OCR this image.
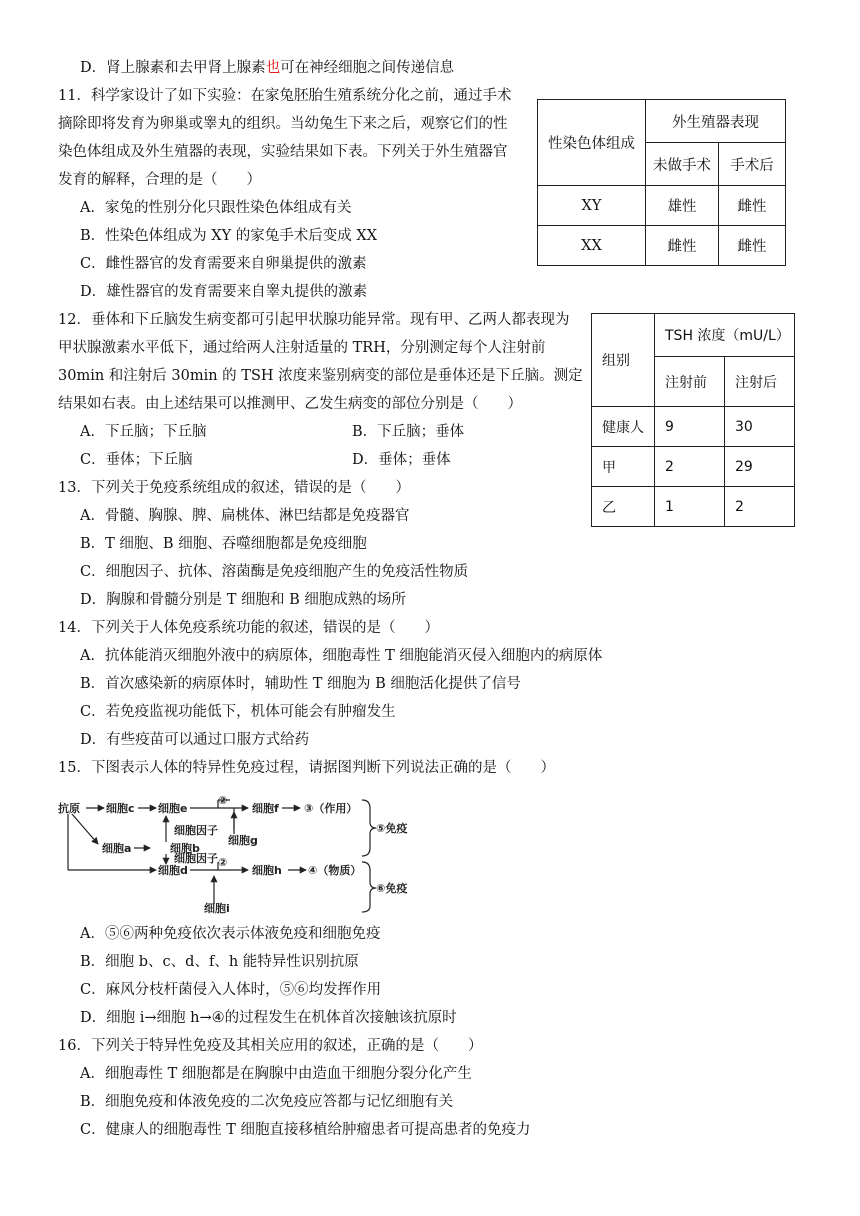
D．肾上腺素和去甲肾上腺素也可在神经细胞之间传递信息
11．科学家设计了如下实验：在家兔胚胎生殖系统分化之前，通过手术
摘除即将发育为卵巢或睾丸的组织。当幼兔生下来之后，观察它们的性
染色体组成及外生殖器的表现，实验结果如下表。下列关于外生殖器官
发育的解释，合理的是（　　）
A．家兔的性别分化只跟性染色体组成有关
B．性染色体组成为 XY 的家兔手术后变成 XX
C．雌性器官的发育需要来自卵巢提供的激素
D．雄性器官的发育需要来自睾丸提供的激素
性染色体组成	外生殖器表现	
	未做手术	手术后
XY	雄性	雌性
XX	雌性	雌性
12．垂体和下丘脑发生病变都可引起甲状腺功能异常。现有甲、乙两人都表现为
甲状腺激素水平低下，通过给两人注射适量的 TRH，分别测定每个人注射前
30min 和注射后 30min 的 TSH 浓度来鉴别病变的部位是垂体还是下丘脑。测定
结果如右表。由上述结果可以推测甲、乙发生病变的部位分别是（　　）
A．下丘脑；下丘脑	B．下丘脑；垂体
C．垂体；下丘脑	D．垂体；垂体
组别	TSH 浓度（mU/L）	
	注射前	注射后
健康人	9	30
甲	2	29
乙	1	2
13．下列关于免疫系统组成的叙述，错误的是（　　）
A．骨髓、胸腺、脾、扁桃体、淋巴结都是免疫器官
B．T 细胞、B 细胞、吞噬细胞都是免疫细胞
C．细胞因子、抗体、溶菌酶是免疫细胞产生的免疫活性物质
D．胸腺和骨髓分别是 T 细胞和 B 细胞成熟的场所
14．下列关于人体免疫系统功能的叙述，错误的是（　　）
A．抗体能消灭细胞外液中的病原体，细胞毒性 T 细胞能消灭侵入细胞内的病原体
B．首次感染新的病原体时，辅助性 T 细胞为 B 细胞活化提供了信号
C．若免疫监视功能低下，机体可能会有肿瘤发生
D．有些疫苗可以通过口服方式给药
15．下图表示人体的特异性免疫过程，请据图判断下列说法正确的是（　　）
抗原 细胞c 细胞e
②
细胞f ③（作用）
细胞因子
细胞g
细胞a	细胞b
细胞因子 ②
细胞d	细胞h ④（物质）
细胞i
⑤免疫
⑥免疫
A．⑤⑥两种免疫依次表示体液免疫和细胞免疫
B．细胞 b、c、d、f、h 能特异性识别抗原
C．麻风分枝杆菌侵入人体时，⑤⑥均发挥作用
D．细胞 i→细胞 h→④的过程发生在机体首次接触该抗原时
16．下列关于特异性免疫及其相关应用的叙述，正确的是（　　）
A．细胞毒性 T 细胞都是在胸腺中由造血干细胞分裂分化产生
B．细胞免疫和体液免疫的二次免疫应答都与记忆细胞有关
C．健康人的细胞毒性 T 细胞直接移植给肿瘤患者可提高患者的免疫力
